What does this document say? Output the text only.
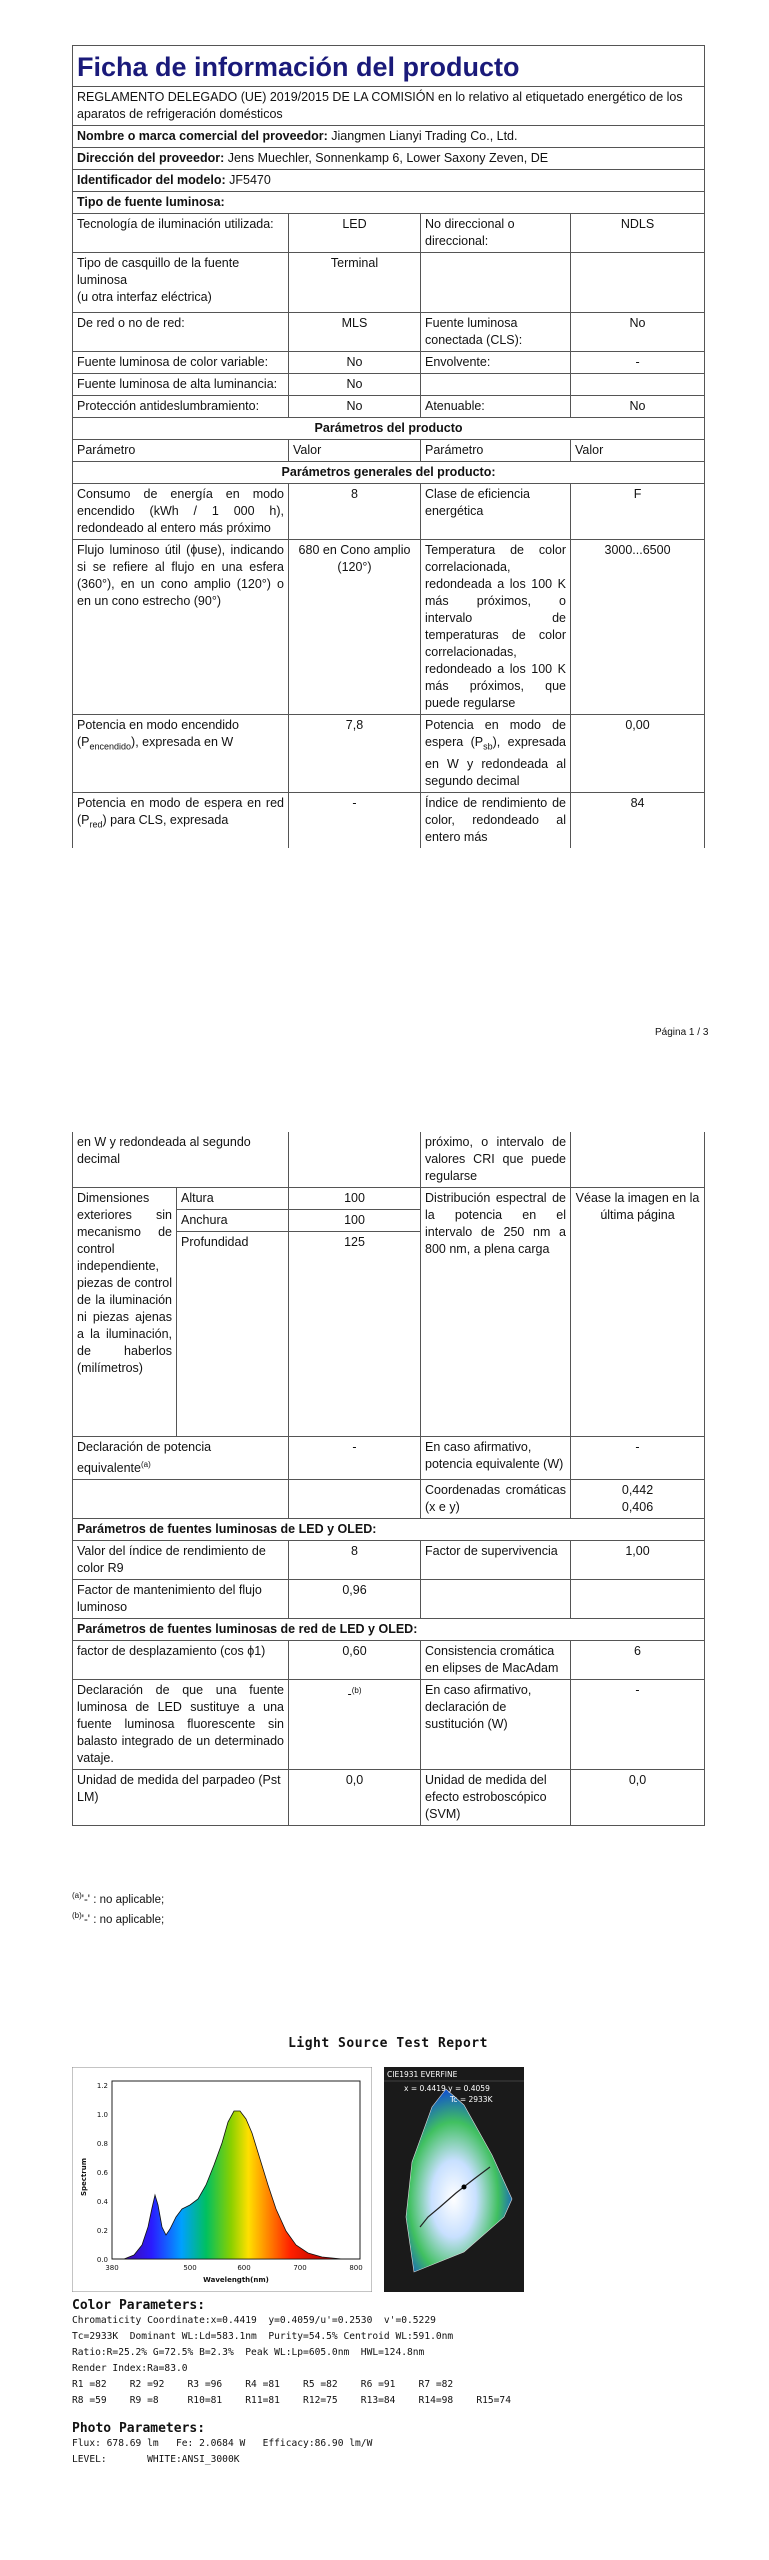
Ficha de información del producto			
REGLAMENTO DELEGADO (UE) 2019/2015 DE LA COMISIÓN en lo relativo al etiquetado energético de los aparatos de refrigeración domésticos			
Nombre o marca comercial del proveedor: Jiangmen Lianyi Trading Co., Ltd.			
Dirección del proveedor: Jens Muechler, Sonnenkamp 6, Lower Saxony Zeven, DE			
Identificador del modelo: JF5470			
Tipo de fuente luminosa:			
Tecnología de iluminación utilizada:	LED	No direccional o direccional:	NDLS

Tipo de casquillo de la fuente luminosa
(u otra interfaz eléctrica)	Terminal		
De red o no de red:	MLS	Fuente luminosa conectada (CLS):	No
Fuente luminosa de color variable:	No	Envolvente:	-
Fuente luminosa de alta luminancia:	No		
Protección antideslumbramiento:	No	Atenuable:	No
Parámetros del producto			
Parámetro	Valor	Parámetro	Valor
Parámetros generales del producto:			
Consumo de energía en modo encendido (kWh / 1 000 h), redondeado al entero más próximo	8	Clase de eficiencia energética	F
Flujo luminoso útil (ϕuse), indicando si se refiere al flujo en una esfera (360°), en un cono amplio (120°) o en un cono estrecho (90°)	680 en Cono amplio (120°)	Temperatura de color correlacionada, redondeada a los 100 K más próximos, o intervalo de temperaturas de color correlacionadas, redondeado a los 100 K más próximos, que puede regularse	3000...6500
Potencia en modo encendido $(P_{encendido})$, expresada en W	7,8	Potencia en modo de espera $(P_{sb})$, expresada en W y redondeada al segundo decimal	0,00
Potencia en modo de espera en red $(P_{red})$ para CLS, expresada	-	Índice de rendimiento de color, redondeado al entero más	84
Página 1 / 3
en W y redondeada al segundo decimal			próximo, o intervalo de valores CRI que puede regularse	
Dimensiones exteriores sin mecanismo de control independiente, piezas de control de la iluminación ni piezas ajenas a la iluminación, de haberlos (milímetros)	Altura	100	Distribución espectral de la potencia en el intervalo de 250 nm a 800 nm, a plena carga	Véase la imagen en la última página
	Anchura	100		
	Profundidad	125		
Declaración de potencia equivalente$^{(a)}$		-	En caso afirmativo, potencia equivalente (W)	-
			Coordenadas cromáticas (x e y)	0,442
0,406

Parámetros de fuentes luminosas de LED y OLED:				
Valor del índice de rendimiento de color R9		8	Factor de supervivencia	1,00
Factor de mantenimiento del flujo luminoso		0,96		
Parámetros de fuentes luminosas de red de LED y OLED:				
factor de desplazamiento (cos ϕ1)		0,60	Consistencia cromática en elipses de MacAdam	6
Declaración de que una fuente luminosa de LED sustituye a una fuente luminosa fluorescente sin balasto integrado de un determinado vataje.		-$^{(b)}$	En caso afirmativo, declaración de sustitución (W)	-
Unidad de medida del parpadeo (Pst LM)		0,0	Unidad de medida del efecto estroboscópico (SVM)	0,0
$^{(a)}$'-' : no aplicable;
$^{(b)}$'-' : no aplicable;
Light Source Test Report
0.0
0.2
0.4
0.6
0.8
1.0
1.2
380	500	600	700	800
Wavelength(nm)
Spectrum
CIE1931 EVERFINE
x = 0.4419 y = 0.4059
Tc = 2933K
Color Parameters:
Chromaticity Coordinate:x=0.4419  y=0.4059/u'=0.2530  v'=0.5229
Tc=2933K  Dominant WL:Ld=583.1nm  Purity=54.5% Centroid WL:591.0nm
Ratio:R=25.2% G=72.5% B=2.3%  Peak WL:Lp=605.0nm  HWL=124.8nm
Render Index:Ra=83.0
R1 =82    R2 =92    R3 =96    R4 =81    R5 =82    R6 =91    R7 =82
R8 =59    R9 =8     R10=81    R11=81    R12=75    R13=84    R14=98    R15=74
Photo Parameters:
Flux: 678.69 lm   Fe: 2.0684 W   Efficacy:86.90 lm/W
LEVEL:       WHITE:ANSI_3000K
